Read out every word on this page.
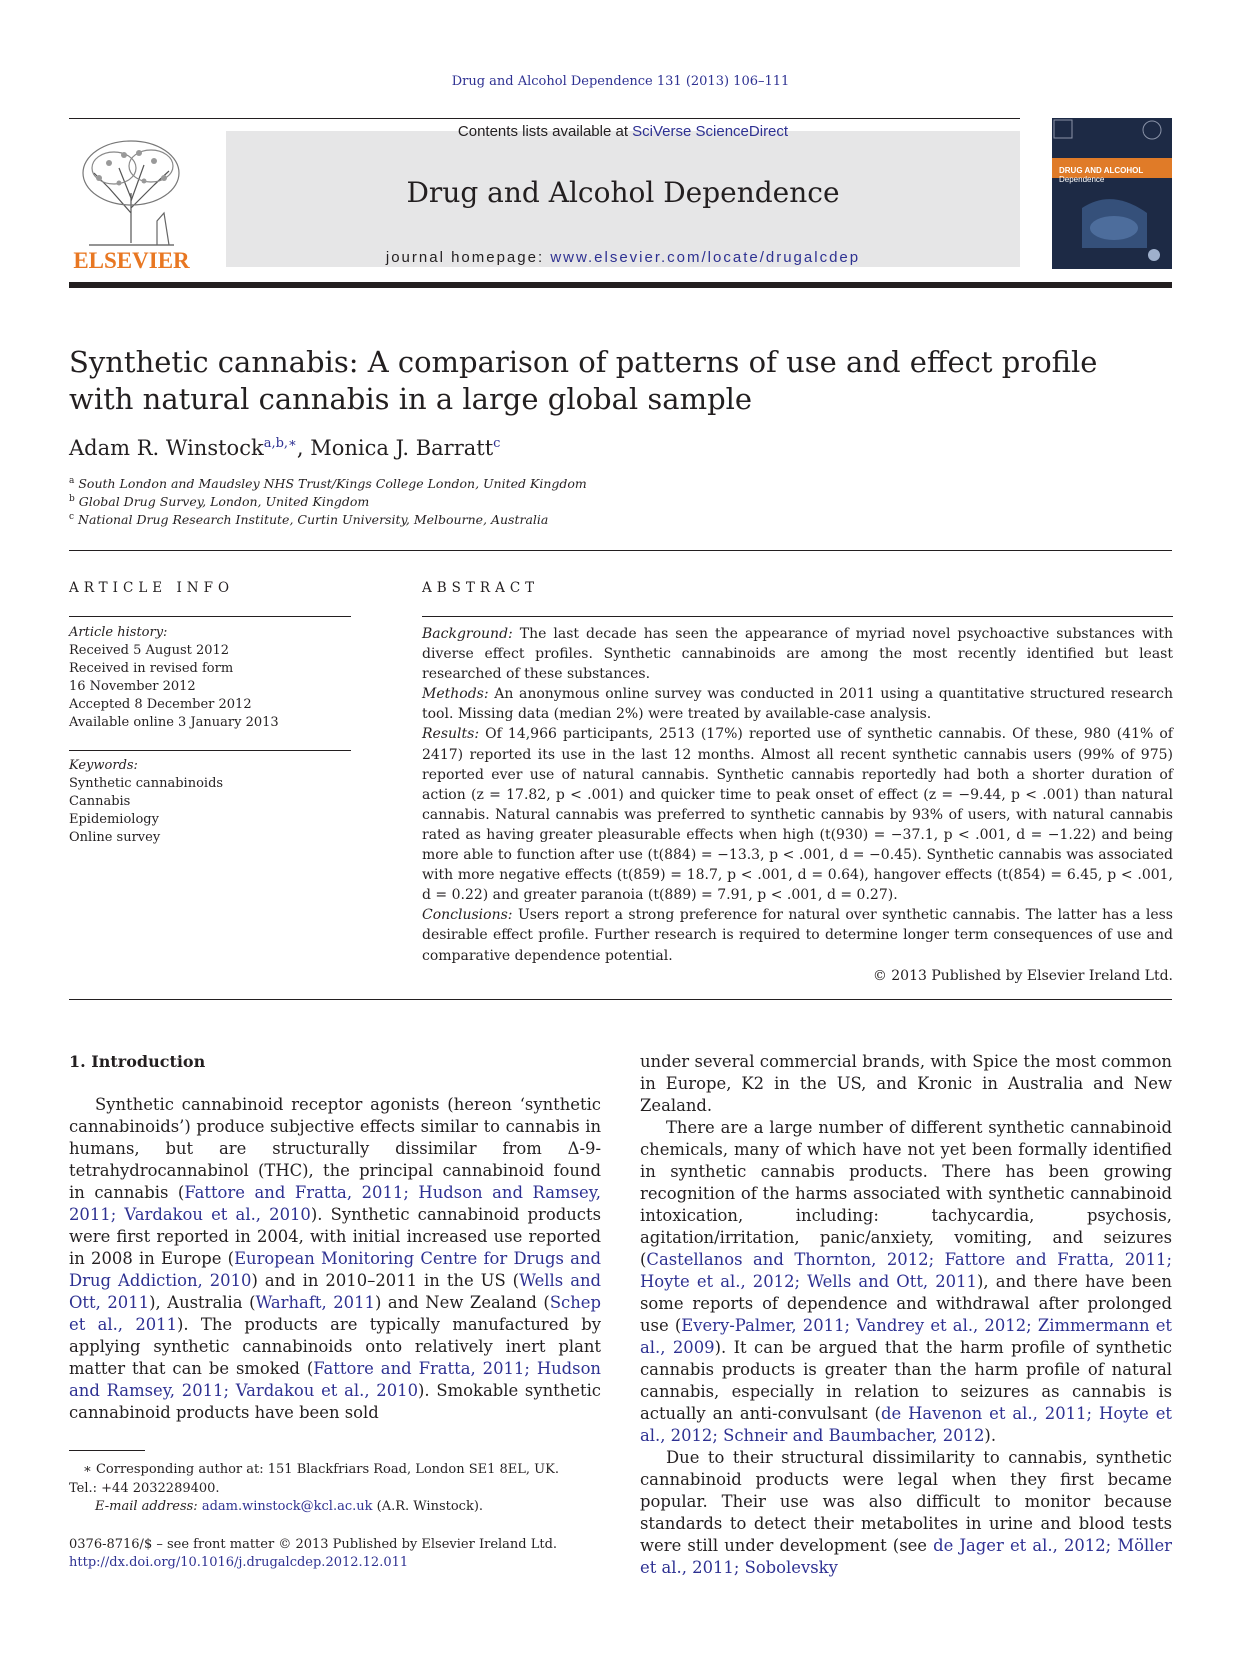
Drug and Alcohol Dependence 131 (2013) 106–111
ELSEVIER
Contents lists available at SciVerse ScienceDirect
Drug and Alcohol Dependence
journal homepage: www.elsevier.com/locate/drugalcdep
DRUG AND ALCOHOL
Dependence
Synthetic cannabis: A comparison of patterns of use and effect profile with natural cannabis in a large global sample
Adam R. Winstock$^{a,b,∗}$, Monica J. Barratt$^c$
$^a$ South London and Maudsley NHS Trust/Kings College London, United Kingdom
$^b$ Global Drug Survey, London, United Kingdom
$^c$ National Drug Research Institute, Curtin University, Melbourne, Australia
ARTICLE INFO
Article history:
Received 5 August 2012
Received in revised form
16 November 2012
Accepted 8 December 2012
Available online 3 January 2013
Keywords:
Synthetic cannabinoids
Cannabis
Epidemiology
Online survey
ABSTRACT

Background: The last decade has seen the appearance of myriad novel psychoactive substances with diverse effect profiles. Synthetic cannabinoids are among the most recently identified but least researched of these substances.

Methods: An anonymous online survey was conducted in 2011 using a quantitative structured research tool. Missing data (median 2%) were treated by available-case analysis.

Results: Of 14,966 participants, 2513 (17%) reported use of synthetic cannabis. Of these, 980 (41% of 2417) reported its use in the last 12 months. Almost all recent synthetic cannabis users (99% of 975) reported ever use of natural cannabis. Synthetic cannabis reportedly had both a shorter duration of action (z = 17.82, p < .001) and quicker time to peak onset of effect (z = −9.44, p < .001) than natural cannabis. Natural cannabis was preferred to synthetic cannabis by 93% of users, with natural cannabis rated as having greater pleasurable effects when high (t(930) = −37.1, p < .001, d = −1.22) and being more able to function after use (t(884) = −13.3, p < .001, d = −0.45). Synthetic cannabis was associated with more negative effects (t(859) = 18.7, p < .001, d = 0.64), hangover effects (t(854) = 6.45, p < .001, d = 0.22) and greater paranoia (t(889) = 7.91, p < .001, d = 0.27).

Conclusions: Users report a strong preference for natural over synthetic cannabis. The latter has a less desirable effect profile. Further research is required to determine longer term consequences of use and comparative dependence potential.

© 2013 Published by Elsevier Ireland Ltd.

1. Introduction

Synthetic cannabinoid receptor agonists (hereon ‘synthetic cannabinoids’) produce subjective effects similar to cannabis in humans, but are structurally dissimilar from Δ-9-tetrahydrocannabinol (THC), the principal cannabinoid found in cannabis (Fattore and Fratta, 2011; Hudson and Ramsey, 2011; Vardakou et al., 2010). Synthetic cannabinoid products were first reported in 2004, with initial increased use reported in 2008 in Europe (European Monitoring Centre for Drugs and Drug Addiction, 2010) and in 2010–2011 in the US (Wells and Ott, 2011), Australia (Warhaft, 2011) and New Zealand (Schep et al., 2011). The products are typically manufactured by applying synthetic cannabinoids onto relatively inert plant matter that can be smoked (Fattore and Fratta, 2011; Hudson and Ramsey, 2011; Vardakou et al., 2010). Smokable synthetic cannabinoid products have been sold

under several commercial brands, with Spice the most common in Europe, K2 in the US, and Kronic in Australia and New Zealand.

There are a large number of different synthetic cannabinoid chemicals, many of which have not yet been formally identified in synthetic cannabis products. There has been growing recognition of the harms associated with synthetic cannabinoid intoxication, including: tachycardia, psychosis, agitation/irritation, panic/anxiety, vomiting, and seizures (Castellanos and Thornton, 2012; Fattore and Fratta, 2011; Hoyte et al., 2012; Wells and Ott, 2011), and there have been some reports of dependence and withdrawal after prolonged use (Every-Palmer, 2011; Vandrey et al., 2012; Zimmermann et al., 2009). It can be argued that the harm profile of synthetic cannabis products is greater than the harm profile of natural cannabis, especially in relation to seizures as cannabis is actually an anti-convulsant (de Havenon et al., 2011; Hoyte et al., 2012; Schneir and Baumbacher, 2012).

Due to their structural dissimilarity to cannabis, synthetic cannabinoid products were legal when they first became popular. Their use was also difficult to monitor because standards to detect their metabolites in urine and blood tests were still under development (see de Jager et al., 2012; Möller et al., 2011; Sobolevsky

∗ Corresponding author at: 151 Blackfriars Road, London SE1 8EL, UK.
Tel.: +44 2032289400.
E-mail address: adam.winstock@kcl.ac.uk (A.R. Winstock).
0376-8716/$ – see front matter © 2013 Published by Elsevier Ireland Ltd.
http://dx.doi.org/10.1016/j.drugalcdep.2012.12.011
